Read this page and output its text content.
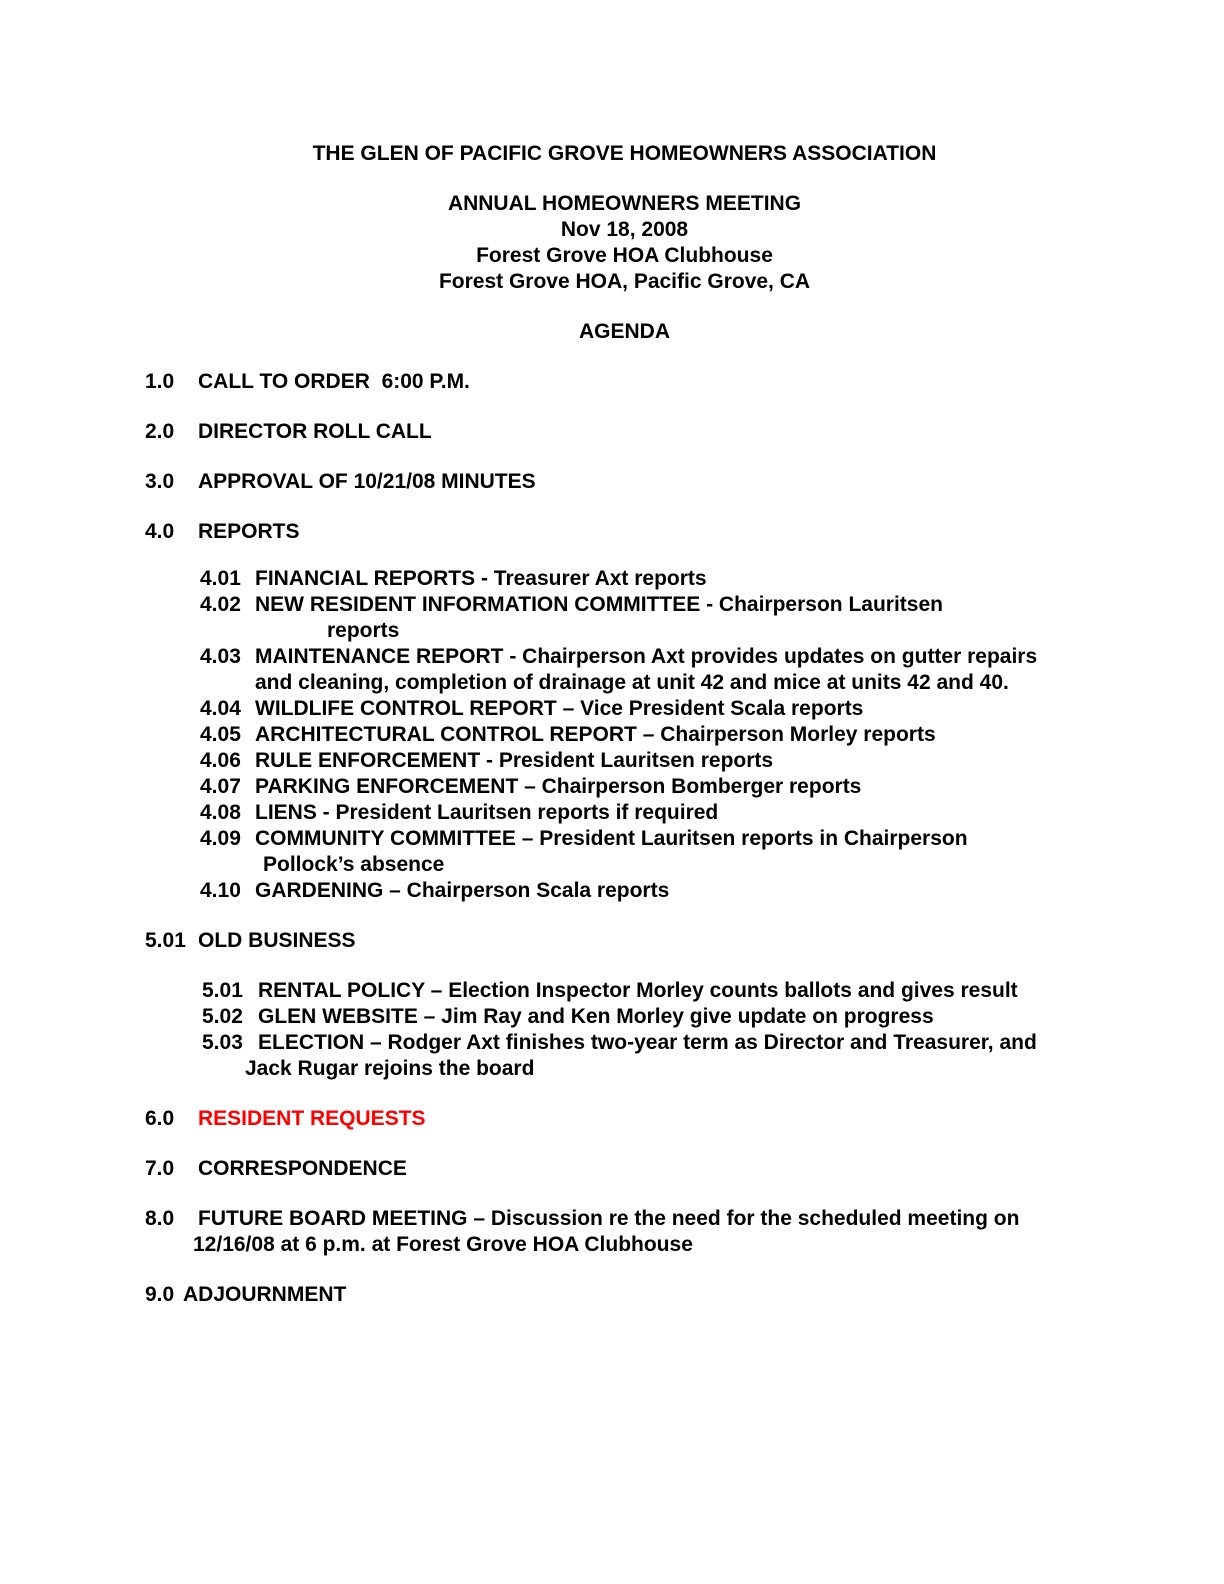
THE GLEN OF PACIFIC GROVE HOMEOWNERS ASSOCIATION
ANNUAL HOMEOWNERS MEETING
Nov 18, 2008
Forest Grove HOA Clubhouse
Forest Grove HOA, Pacific Grove, CA
AGENDA
1.0 CALL TO ORDER  6:00 P.M.
2.0 DIRECTOR ROLL CALL
3.0 APPROVAL OF 10/21/08 MINUTES
4.0 REPORTS
4.01 FINANCIAL REPORTS - Treasurer Axt reports
4.02 NEW RESIDENT INFORMATION COMMITTEE - Chairperson Lauritsen
reports
4.03 MAINTENANCE REPORT - Chairperson Axt provides updates on gutter repairs
and cleaning, completion of drainage at unit 42 and mice at units 42 and 40.
4.04 WILDLIFE CONTROL REPORT – Vice President Scala reports
4.05 ARCHITECTURAL CONTROL REPORT – Chairperson Morley reports
4.06 RULE ENFORCEMENT - President Lauritsen reports
4.07 PARKING ENFORCEMENT – Chairperson Bomberger reports
4.08 LIENS - President Lauritsen reports if required
4.09 COMMUNITY COMMITTEE – President Lauritsen reports in Chairperson
Pollock’s absence
4.10 GARDENING – Chairperson Scala reports
5.01 OLD BUSINESS
5.01 RENTAL POLICY – Election Inspector Morley counts ballots and gives result
5.02 GLEN WEBSITE – Jim Ray and Ken Morley give update on progress
5.03 ELECTION – Rodger Axt finishes two-year term as Director and Treasurer, and
Jack Rugar rejoins the board
6.0 RESIDENT REQUESTS
7.0 CORRESPONDENCE
8.0 FUTURE BOARD MEETING – Discussion re the need for the scheduled meeting on
12/16/08 at 6 p.m. at Forest Grove HOA Clubhouse
9.0 ADJOURNMENT
